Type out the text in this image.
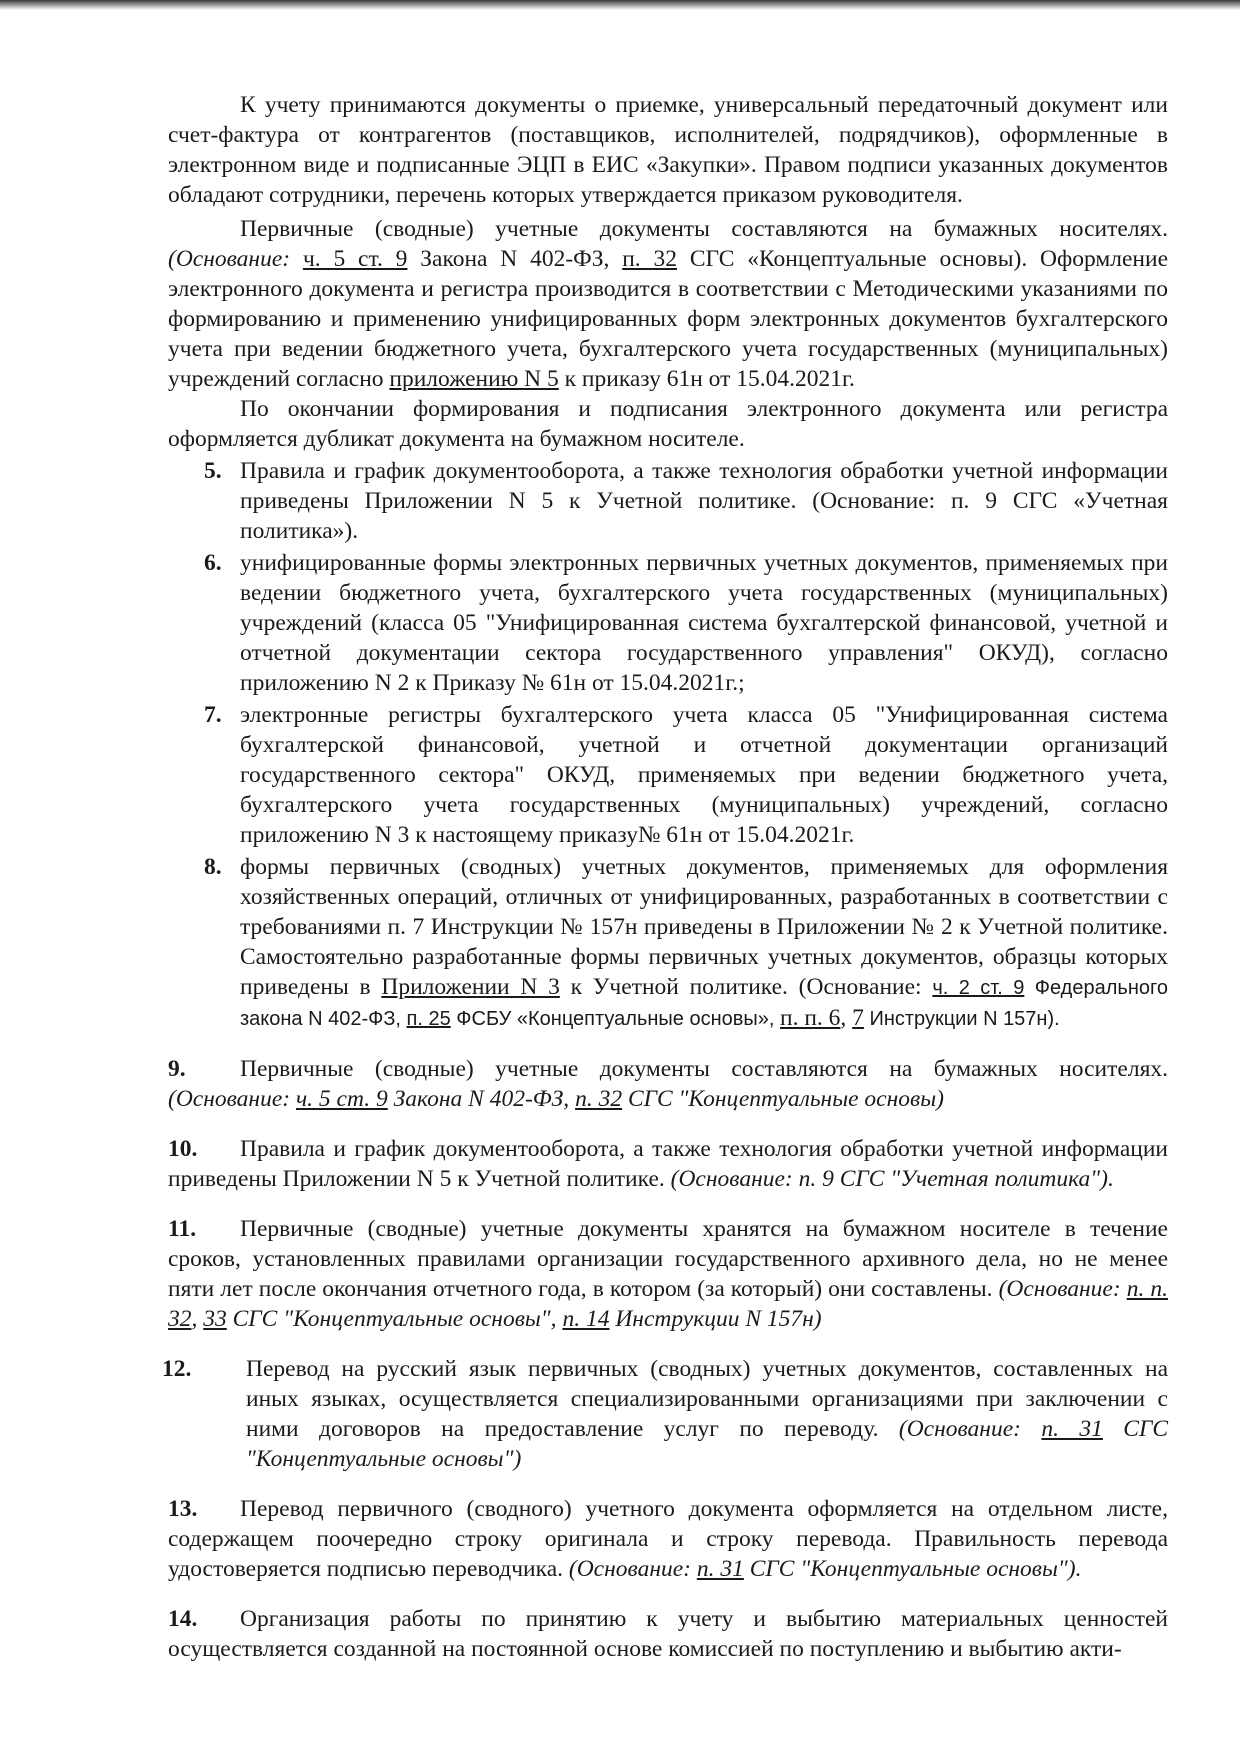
К учету принимаются документы о приемке, универсальный передаточный документ или счет-фактура от контрагентов (поставщиков, исполнителей, подрядчиков), оформленные в электронном виде и подписанные ЭЦП в ЕИС «Закупки». Правом подписи указанных документов обладают сотрудники, перечень которых утверждается приказом руководителя.

Первичные (сводные) учетные документы составляются на бумажных носителях. (Основание: ч. 5 ст. 9 Закона N 402-ФЗ, п. 32 СГС «Концептуальные основы). Оформление электронного документа и регистра производится в соответствии с Методическими указаниями по формированию и применению унифицированных форм электронных документов бухгалтерского учета при ведении бюджетного учета, бухгалтерского учета государственных (муниципальных) учреждений согласно приложению N 5 к приказу 61н от 15.04.2021г.

По окончании формирования и подписания электронного документа или регистра оформляется дубликат документа на бумажном носителе.

5. Правила и график документооборота, а также технология обработки учетной информации приведены Приложении N 5 к Учетной политике. (Основание: п. 9 СГС «Учетная политика»).
6. унифицированные формы электронных первичных учетных документов, применяемых при ведении бюджетного учета, бухгалтерского учета государственных (муниципальных) учреждений (класса 05 "Унифицированная система бухгалтерской финансовой, учетной и отчетной документации сектора государственного управления" ОКУД), согласно приложению N 2 к Приказу № 61н от 15.04.2021г.;
7. электронные регистры бухгалтерского учета класса 05 "Унифицированная система бухгалтерской финансовой, учетной и отчетной документации организаций государственного сектора" ОКУД, применяемых при ведении бюджетного учета, бухгалтерского учета государственных (муниципальных) учреждений, согласно приложению N 3 к настоящему приказу№ 61н от 15.04.2021г.
8. формы первичных (сводных) учетных документов, применяемых для оформления хозяйственных операций, отличных от унифицированных, разработанных в соответствии с требованиями п. 7 Инструкции № 157н приведены в Приложении № 2 к Учетной политике. Самостоятельно разработанные формы первичных учетных документов, образцы которых приведены в Приложении N 3 к Учетной политике. (Основание: ч. 2 ст. 9 Федерального закона N 402-ФЗ, п. 25 ФСБУ «Концептуальные основы», п. п. 6, 7 Инструкции N 157н).

9. Первичные (сводные) учетные документы составляются на бумажных носителях. (Основание: ч. 5 ст. 9 Закона N 402-ФЗ, п. 32 СГС "Концептуальные основы)

10. Правила и график документооборота, а также технология обработки учетной информации приведены Приложении N 5 к Учетной политике. (Основание: п. 9 СГС "Учетная политика").

11. Первичные (сводные) учетные документы хранятся на бумажном носителе в течение сроков, установленных правилами организации государственного архивного дела, но не менее пяти лет после окончания отчетного года, в котором (за который) они составлены. (Основание: п. п. 32, 33 СГС "Концептуальные основы", п. 14 Инструкции N 157н)

12. Перевод на русский язык первичных (сводных) учетных документов, составленных на иных языках, осуществляется специализированными организациями при заключении с ними договоров на предоставление услуг по переводу. (Основание: п. 31 СГС "Концептуальные основы")

13. Перевод первичного (сводного) учетного документа оформляется на отдельном листе, содержащем поочередно строку оригинала и строку перевода. Правильность перевода удостоверяется подписью переводчика. (Основание: п. 31 СГС "Концептуальные основы").

14. Организация работы по принятию к учету и выбытию материальных ценностей осуществляется созданной на постоянной основе комиссией по поступлению и выбытию акти-
